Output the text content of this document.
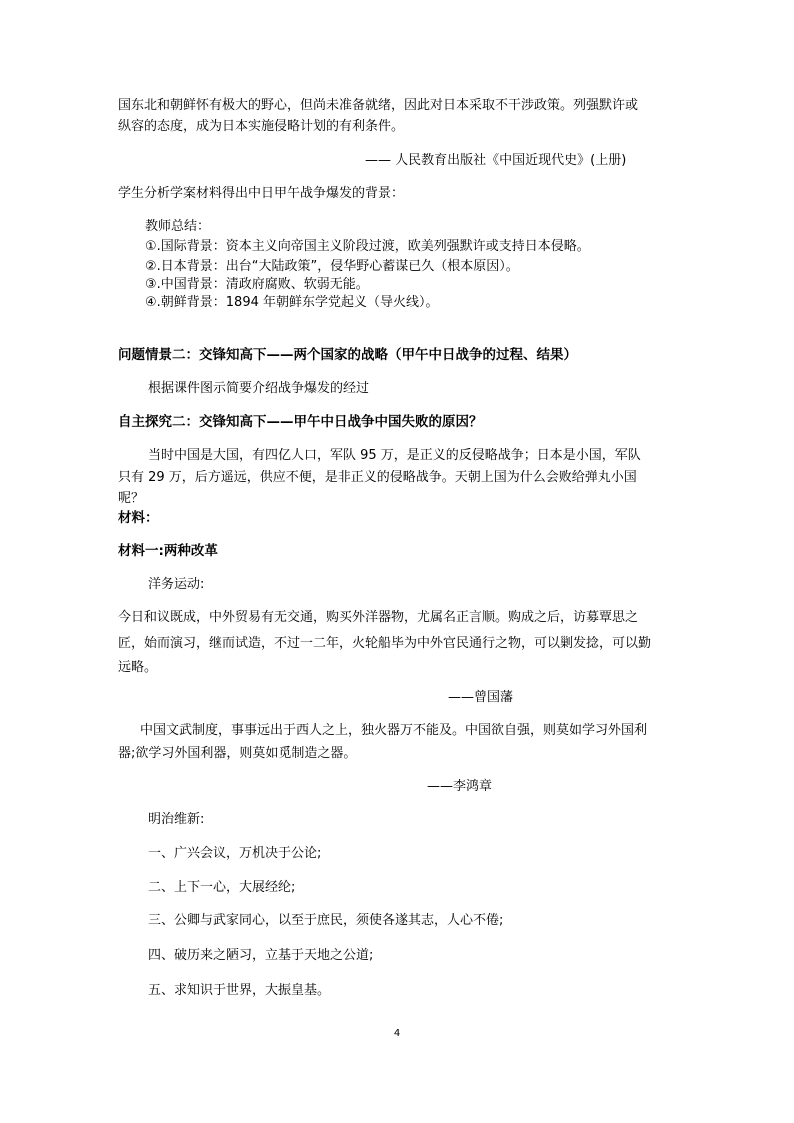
国东北和朝鲜怀有极大的野心，但尚未准备就绪，因此对日本采取不干涉政策。列强默许或
纵容的态度，成为日本实施侵略计划的有利条件。
—— 人民教育出版社《中国近现代史》(上册)
学生分析学案材料得出中日甲午战争爆发的背景：
教师总结：
①.国际背景：资本主义向帝国主义阶段过渡，欧美列强默许或支持日本侵略。
②.日本背景：出台“大陆政策”，侵华野心蓄谋已久（根本原因）。
③.中国背景：清政府腐败、软弱无能。
④.朝鲜背景：1894 年朝鲜东学党起义（导火线）。
问题情景二：交锋知高下——两个国家的战略（甲午中日战争的过程、结果）
根据课件图示简要介绍战争爆发的经过
自主探究二：交锋知高下——甲午中日战争中国失败的原因？
当时中国是大国，有四亿人口，军队 95 万，是正义的反侵略战争；日本是小国，军队
只有 29 万，后方遥远，供应不便，是非正义的侵略战争。天朝上国为什么会败给弹丸小国
呢？
材料：
材料一:两种改革
洋务运动:
今日和议既成，中外贸易有无交通，购买外洋器物，尤属名正言顺。购成之后，访募覃思之
匠，始而演习，继而试造，不过一二年，火轮船毕为中外官民通行之物，可以剿发捻，可以勤
远略。
——曾国藩
中国文武制度，事事远出于西人之上，独火器万不能及。中国欲自强，则莫如学习外国利
器;欲学习外国利器，则莫如觅制造之器。
——李鸿章
明治维新:
一、广兴会议，万机决于公论;
二、上下一心，大展经纶;
三、公卿与武家同心，以至于庶民，须使各遂其志，人心不倦;
四、破历来之陋习，立基于天地之公道;
五、求知识于世界，大振皇基。
4
